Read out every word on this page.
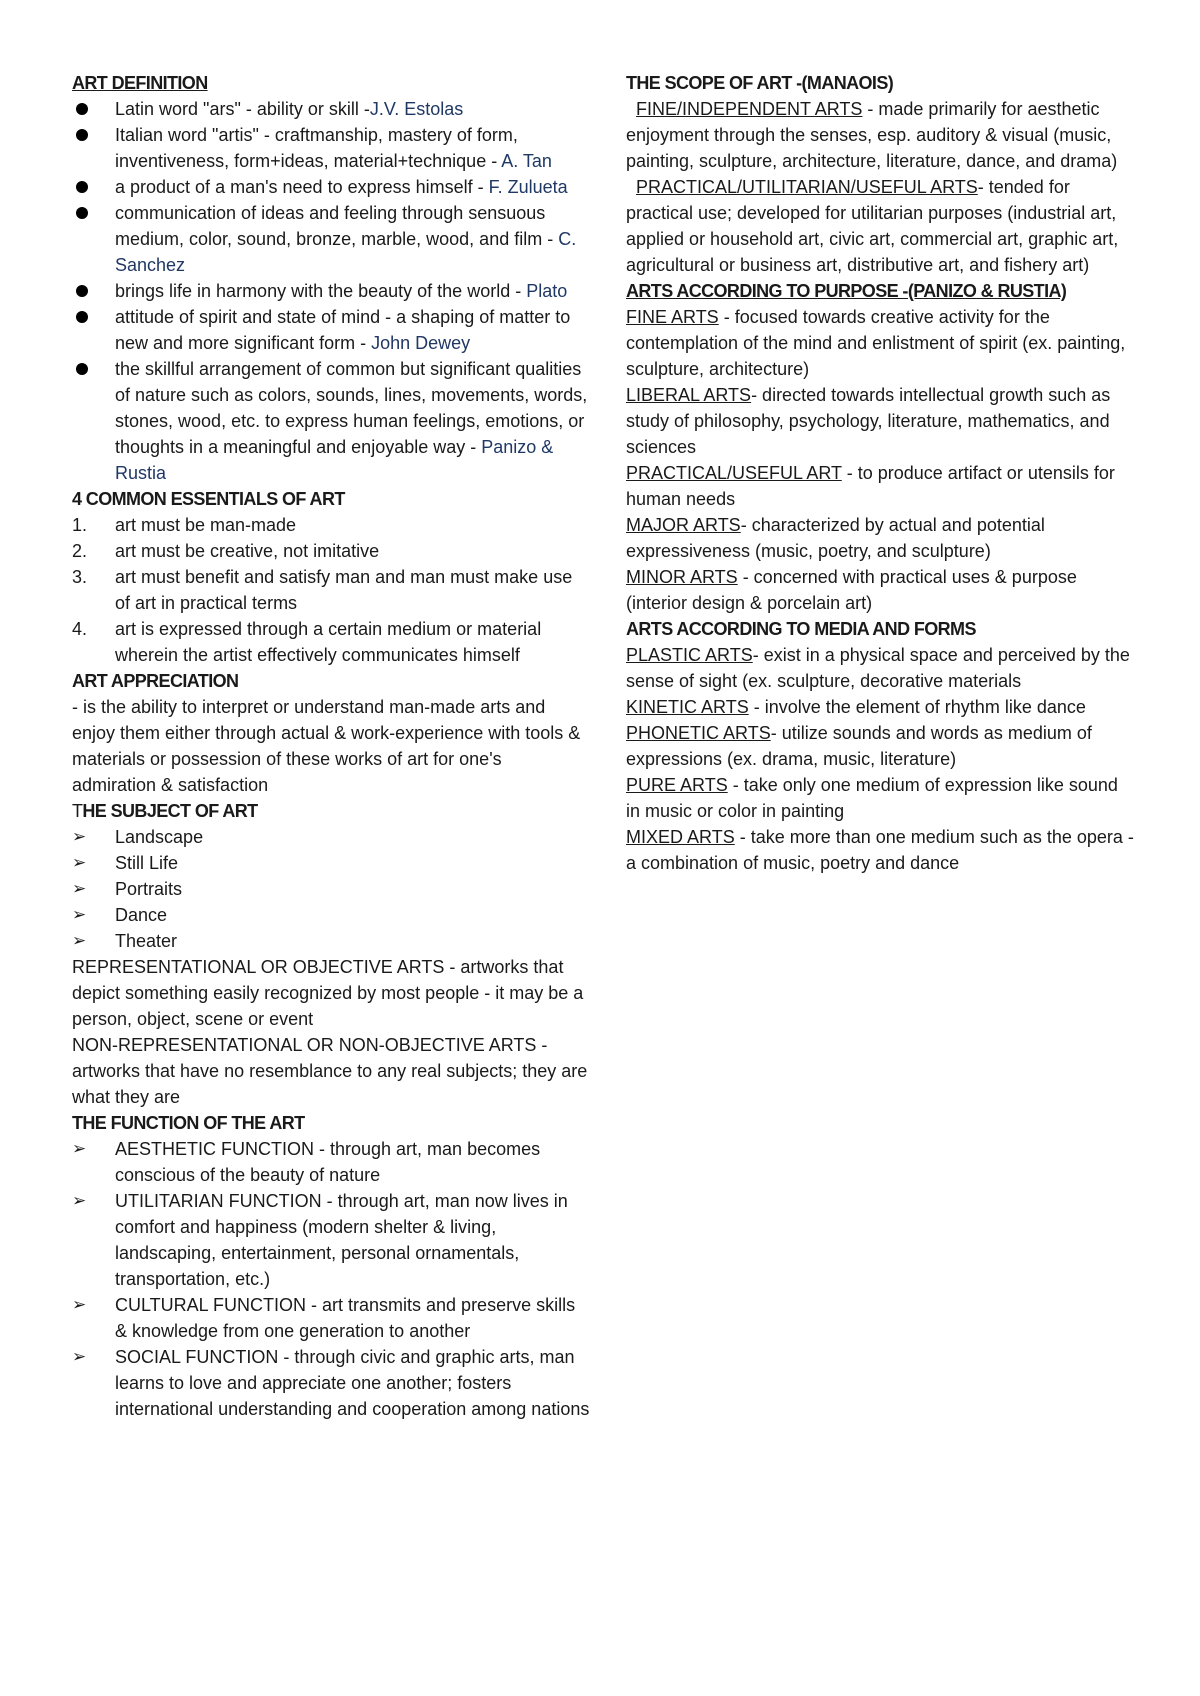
ART DEFINITION
Latin word "ars" - ability or skill -J.V. Estolas
Italian word "artis" - craftmanship, mastery of form, inventiveness, form+ideas, material+technique - A. Tan
a product of a man's need to express himself - F. Zulueta
communication of ideas and feeling through sensuous medium, color, sound, bronze, marble, wood, and film - C. Sanchez
brings life in harmony with the beauty of the world - Plato
attitude of spirit and state of mind - a shaping of matter to new and more significant form - John Dewey
the skillful arrangement of common but significant qualities of nature such as colors, sounds, lines, movements, words, stones, wood, etc. to express human feelings, emotions, or thoughts in a meaningful and enjoyable way - Panizo & Rustia
4 COMMON ESSENTIALS OF ART
1. art must be man-made
2. art must be creative, not imitative
3. art must benefit and satisfy man and man must make use of art in practical terms
4. art is expressed through a certain medium or material wherein the artist effectively communicates himself
ART APPRECIATION

- is the ability to interpret or understand man-made arts and enjoy them either through actual & work-experience with tools & materials or possession of these works of art for one's admiration & satisfaction

THE SUBJECT OF ART
➢ Landscape
➢ Still Life
➢ Portraits
➢ Dance
➢ Theater

REPRESENTATIONAL OR OBJECTIVE ARTS - artworks that depict something easily recognized by most people - it may be a person, object, scene or event

NON-REPRESENTATIONAL OR NON-OBJECTIVE ARTS - artworks that have no resemblance to any real subjects; they are what they are

THE FUNCTION OF THE ART
➢ AESTHETIC FUNCTION - through art, man becomes conscious of the beauty of nature
➢ UTILITARIAN FUNCTION - through art, man now lives in comfort and happiness (modern shelter & living, landscaping, entertainment, personal ornamentals, transportation, etc.)
➢ CULTURAL FUNCTION - art transmits and preserve skills & knowledge from one generation to another
➢ SOCIAL FUNCTION - through civic and graphic arts, man learns to love and appreciate one another; fosters international understanding and cooperation among nations
THE SCOPE OF ART -(MANAOIS)

FINE/INDEPENDENT ARTS - made primarily for aesthetic enjoyment through the senses, esp. auditory & visual (music, painting, sculpture, architecture, literature, dance, and drama)

PRACTICAL/UTILITARIAN/USEFUL ARTS- tended for practical use; developed for utilitarian purposes (industrial art, applied or household art, civic art, commercial art, graphic art, agricultural or business art, distributive art, and fishery art)

ARTS ACCORDING TO PURPOSE -(PANIZO & RUSTIA)

FINE ARTS - focused towards creative activity for the contemplation of the mind and enlistment of spirit (ex. painting, sculpture, architecture)

LIBERAL ARTS- directed towards intellectual growth such as study of philosophy, psychology, literature, mathematics, and sciences

PRACTICAL/USEFUL ART - to produce artifact or utensils for human needs

MAJOR ARTS- characterized by actual and potential expressiveness (music, poetry, and sculpture)

MINOR ARTS - concerned with practical uses & purpose (interior design & porcelain art)

ARTS ACCORDING TO MEDIA AND FORMS

PLASTIC ARTS- exist in a physical space and perceived by the sense of sight (ex. sculpture, decorative materials

KINETIC ARTS - involve the element of rhythm like dance

PHONETIC ARTS- utilize sounds and words as medium of expressions (ex. drama, music, literature)

PURE ARTS - take only one medium of expression like sound in music or color in painting

MIXED ARTS - take more than one medium such as the opera - a combination of music, poetry and dance
